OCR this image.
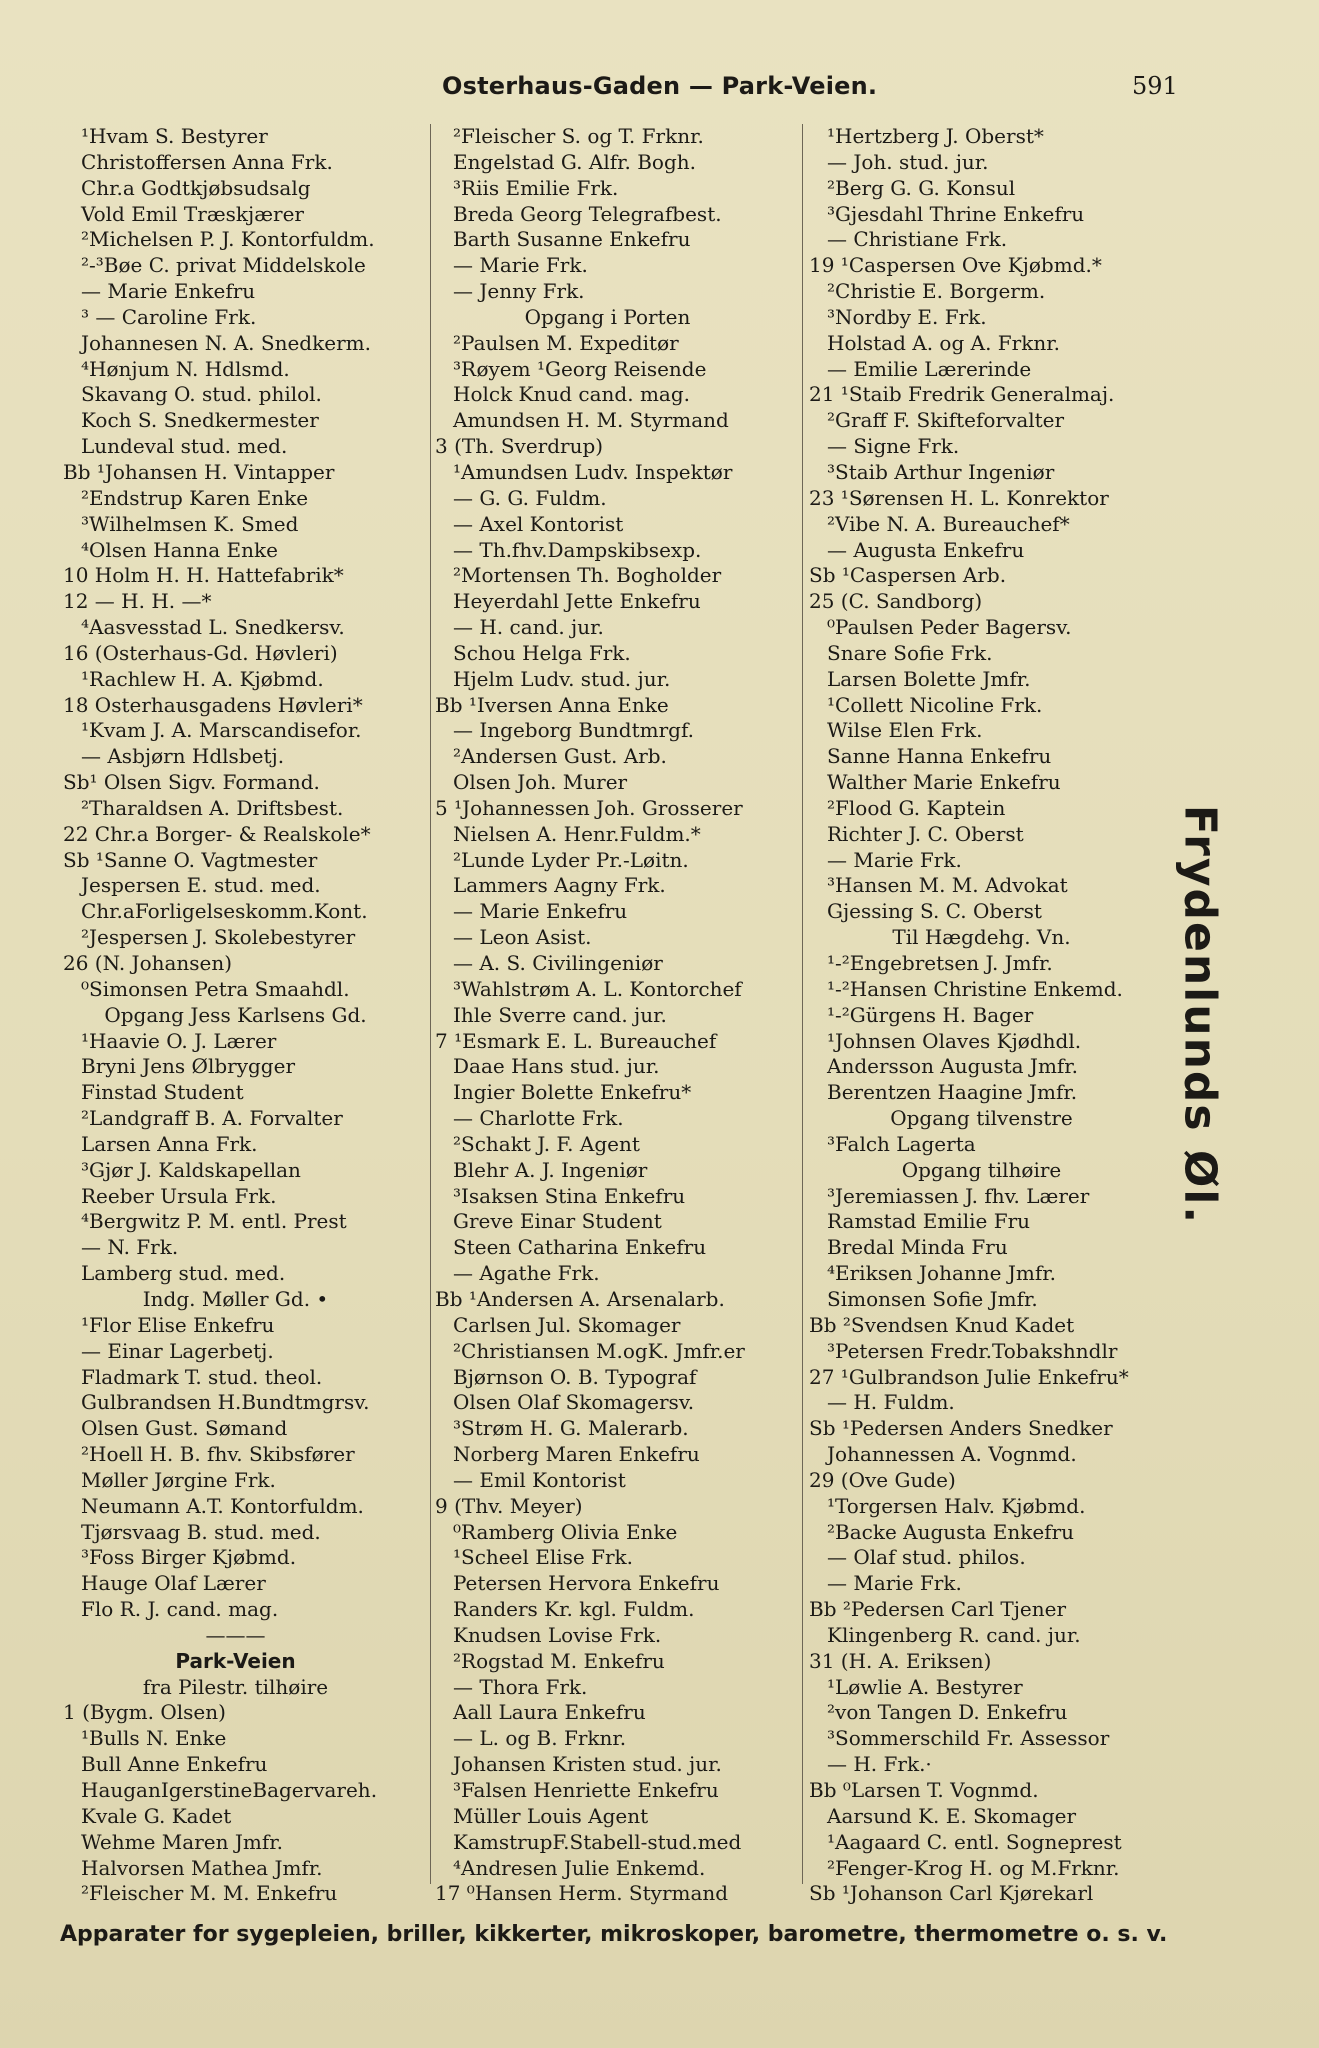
Osterhaus-Gaden — Park-Veien.	591
¹Hvam S. Bestyrer
Christoffersen Anna Frk.
Chr.a Godtkjøbsudsalg
Vold Emil Træskjærer
²Michelsen P. J. Kontorfuldm.
²-³Bøe C. privat Middelskole
— Marie Enkefru
³ — Caroline Frk.
Johannesen N. A. Snedkerm.
⁴Hønjum N. Hdlsmd.
Skavang O. stud. philol.
Koch S. Snedkermester
Lundeval stud. med.
Bb ¹Johansen H. Vintapper
²Endstrup Karen Enke
³Wilhelmsen K. Smed
⁴Olsen Hanna Enke
10 Holm H. H. Hattefabrik*
12 — H. H. —*
⁴Aasvesstad L. Snedkersv.
16 (Osterhaus-Gd. Høvleri)
¹Rachlew H. A. Kjøbmd.
18 Osterhausgadens Høvleri*
¹Kvam J. A. Marscandisefor.
— Asbjørn Hdlsbetj.
Sb¹ Olsen Sigv. Formand.
²Tharaldsen A. Driftsbest.
22 Chr.a Borger- & Realskole*
Sb ¹Sanne O. Vagtmester
Jespersen E. stud. med.
Chr.aForligelseskomm.Kont.
²Jespersen J. Skolebestyrer
26 (N. Johansen)
⁰Simonsen Petra Smaahdl.
Opgang Jess Karlsens Gd.
¹Haavie O. J. Lærer
Bryni Jens Ølbrygger
Finstad Student
²Landgraff B. A. Forvalter
Larsen Anna Frk.
³Gjør J. Kaldskapellan
Reeber Ursula Frk.
⁴Bergwitz P. M. entl. Prest
— N. Frk.
Lamberg stud. med.
Indg. Møller Gd. •
¹Flor Elise Enkefru
— Einar Lagerbetj.
Fladmark T. stud. theol.
Gulbrandsen H.Bundtmgrsv.
Olsen Gust. Sømand
²Hoell H. B. fhv. Skibsfører
Møller Jørgine Frk.
Neumann A.T. Kontorfuldm.
Tjørsvaag B. stud. med.
³Foss Birger Kjøbmd.
Hauge Olaf Lærer
Flo R. J. cand. mag.
———
Park-Veien
fra Pilestr. tilhøire
1 (Bygm. Olsen)
¹Bulls N. Enke
Bull Anne Enkefru
HauganIgerstineBagervareh.
Kvale G. Kadet
Wehme Maren Jmfr.
Halvorsen Mathea Jmfr.
²Fleischer M. M. Enkefru
²Fleischer S. og T. Frknr.
Engelstad G. Alfr. Bogh.
³Riis Emilie Frk.
Breda Georg Telegrafbest.
Barth Susanne Enkefru
— Marie Frk.
— Jenny Frk.
Opgang i Porten
²Paulsen M. Expeditør
³Røyem ¹Georg Reisende
Holck Knud cand. mag.
Amundsen H. M. Styrmand
3 (Th. Sverdrup)
¹Amundsen Ludv. Inspektør
— G. G. Fuldm.
— Axel Kontorist
— Th.fhv.Dampskibsexp.
²Mortensen Th. Bogholder
Heyerdahl Jette Enkefru
— H. cand. jur.
Schou Helga Frk.
Hjelm Ludv. stud. jur.
Bb ¹Iversen Anna Enke
— Ingeborg Bundtmrgf.
²Andersen Gust. Arb.
Olsen Joh. Murer
5 ¹Johannessen Joh. Grosserer
Nielsen A. Henr.Fuldm.*
²Lunde Lyder Pr.-Løitn.
Lammers Aagny Frk.
— Marie Enkefru
— Leon Asist.
— A. S. Civilingeniør
³Wahlstrøm A. L. Kontorchef
Ihle Sverre cand. jur.
7 ¹Esmark E. L. Bureauchef
Daae Hans stud. jur.
Ingier Bolette Enkefru*
— Charlotte Frk.
²Schakt J. F. Agent
Blehr A. J. Ingeniør
³Isaksen Stina Enkefru
Greve Einar Student
Steen Catharina Enkefru
— Agathe Frk.
Bb ¹Andersen A. Arsenalarb.
Carlsen Jul. Skomager
²Christiansen M.ogK. Jmfr.er
Bjørnson O. B. Typograf
Olsen Olaf Skomagersv.
³Strøm H. G. Malerarb.
Norberg Maren Enkefru
— Emil Kontorist
9 (Thv. Meyer)
⁰Ramberg Olivia Enke
¹Scheel Elise Frk.
Petersen Hervora Enkefru
Randers Kr. kgl. Fuldm.
Knudsen Lovise Frk.
²Rogstad M. Enkefru
— Thora Frk.
Aall Laura Enkefru
— L. og B. Frknr.
Johansen Kristen stud. jur.
³Falsen Henriette Enkefru
Müller Louis Agent
KamstrupF.Stabell-stud.med
⁴Andresen Julie Enkemd.
17 ⁰Hansen Herm. Styrmand
¹Hertzberg J. Oberst*
— Joh. stud. jur.
²Berg G. G. Konsul
³Gjesdahl Thrine Enkefru
— Christiane Frk.
19 ¹Caspersen Ove Kjøbmd.*
²Christie E. Borgerm.
³Nordby E. Frk.
Holstad A. og A. Frknr.
— Emilie Lærerinde
21 ¹Staib Fredrik Generalmaj.
²Graff F. Skifteforvalter
— Signe Frk.
³Staib Arthur Ingeniør
23 ¹Sørensen H. L. Konrektor
²Vibe N. A. Bureauchef*
— Augusta Enkefru
Sb ¹Caspersen Arb.
25 (C. Sandborg)
⁰Paulsen Peder Bagersv.
Snare Sofie Frk.
Larsen Bolette Jmfr.
¹Collett Nicoline Frk.
Wilse Elen Frk.
Sanne Hanna Enkefru
Walther Marie Enkefru
²Flood G. Kaptein
Richter J. C. Oberst
— Marie Frk.
³Hansen M. M. Advokat
Gjessing S. C. Oberst
Til Hægdehg. Vn.
¹-²Engebretsen J. Jmfr.
¹-²Hansen Christine Enkemd.
¹-²Gürgens H. Bager
¹Johnsen Olaves Kjødhdl.
Andersson Augusta Jmfr.
Berentzen Haagine Jmfr.
Opgang tilvenstre
³Falch Lagerta
Opgang tilhøire
³Jeremiassen J. fhv. Lærer
Ramstad Emilie Fru
Bredal Minda Fru
⁴Eriksen Johanne Jmfr.
Simonsen Sofie Jmfr.
Bb ²Svendsen Knud Kadet
³Petersen Fredr.Tobakshndlr
27 ¹Gulbrandson Julie Enkefru*
— H. Fuldm.
Sb ¹Pedersen Anders Snedker
Johannessen A. Vognmd.
29 (Ove Gude)
¹Torgersen Halv. Kjøbmd.
²Backe Augusta Enkefru
— Olaf stud. philos.
— Marie Frk.
Bb ²Pedersen Carl Tjener
Klingenberg R. cand. jur.
31 (H. A. Eriksen)
¹Løwlie A. Bestyrer
²von Tangen D. Enkefru
³Sommerschild Fr. Assessor
— H. Frk.·
Bb ⁰Larsen T. Vognmd.
Aarsund K. E. Skomager
¹Aagaard C. entl. Sogneprest
²Fenger-Krog H. og M.Frknr.
Sb ¹Johanson Carl Kjørekarl
Frydenlunds Øl.
Apparater for sygepleien, briller, kikkerter, mikroskoper, barometre, thermometre o. s. v.
